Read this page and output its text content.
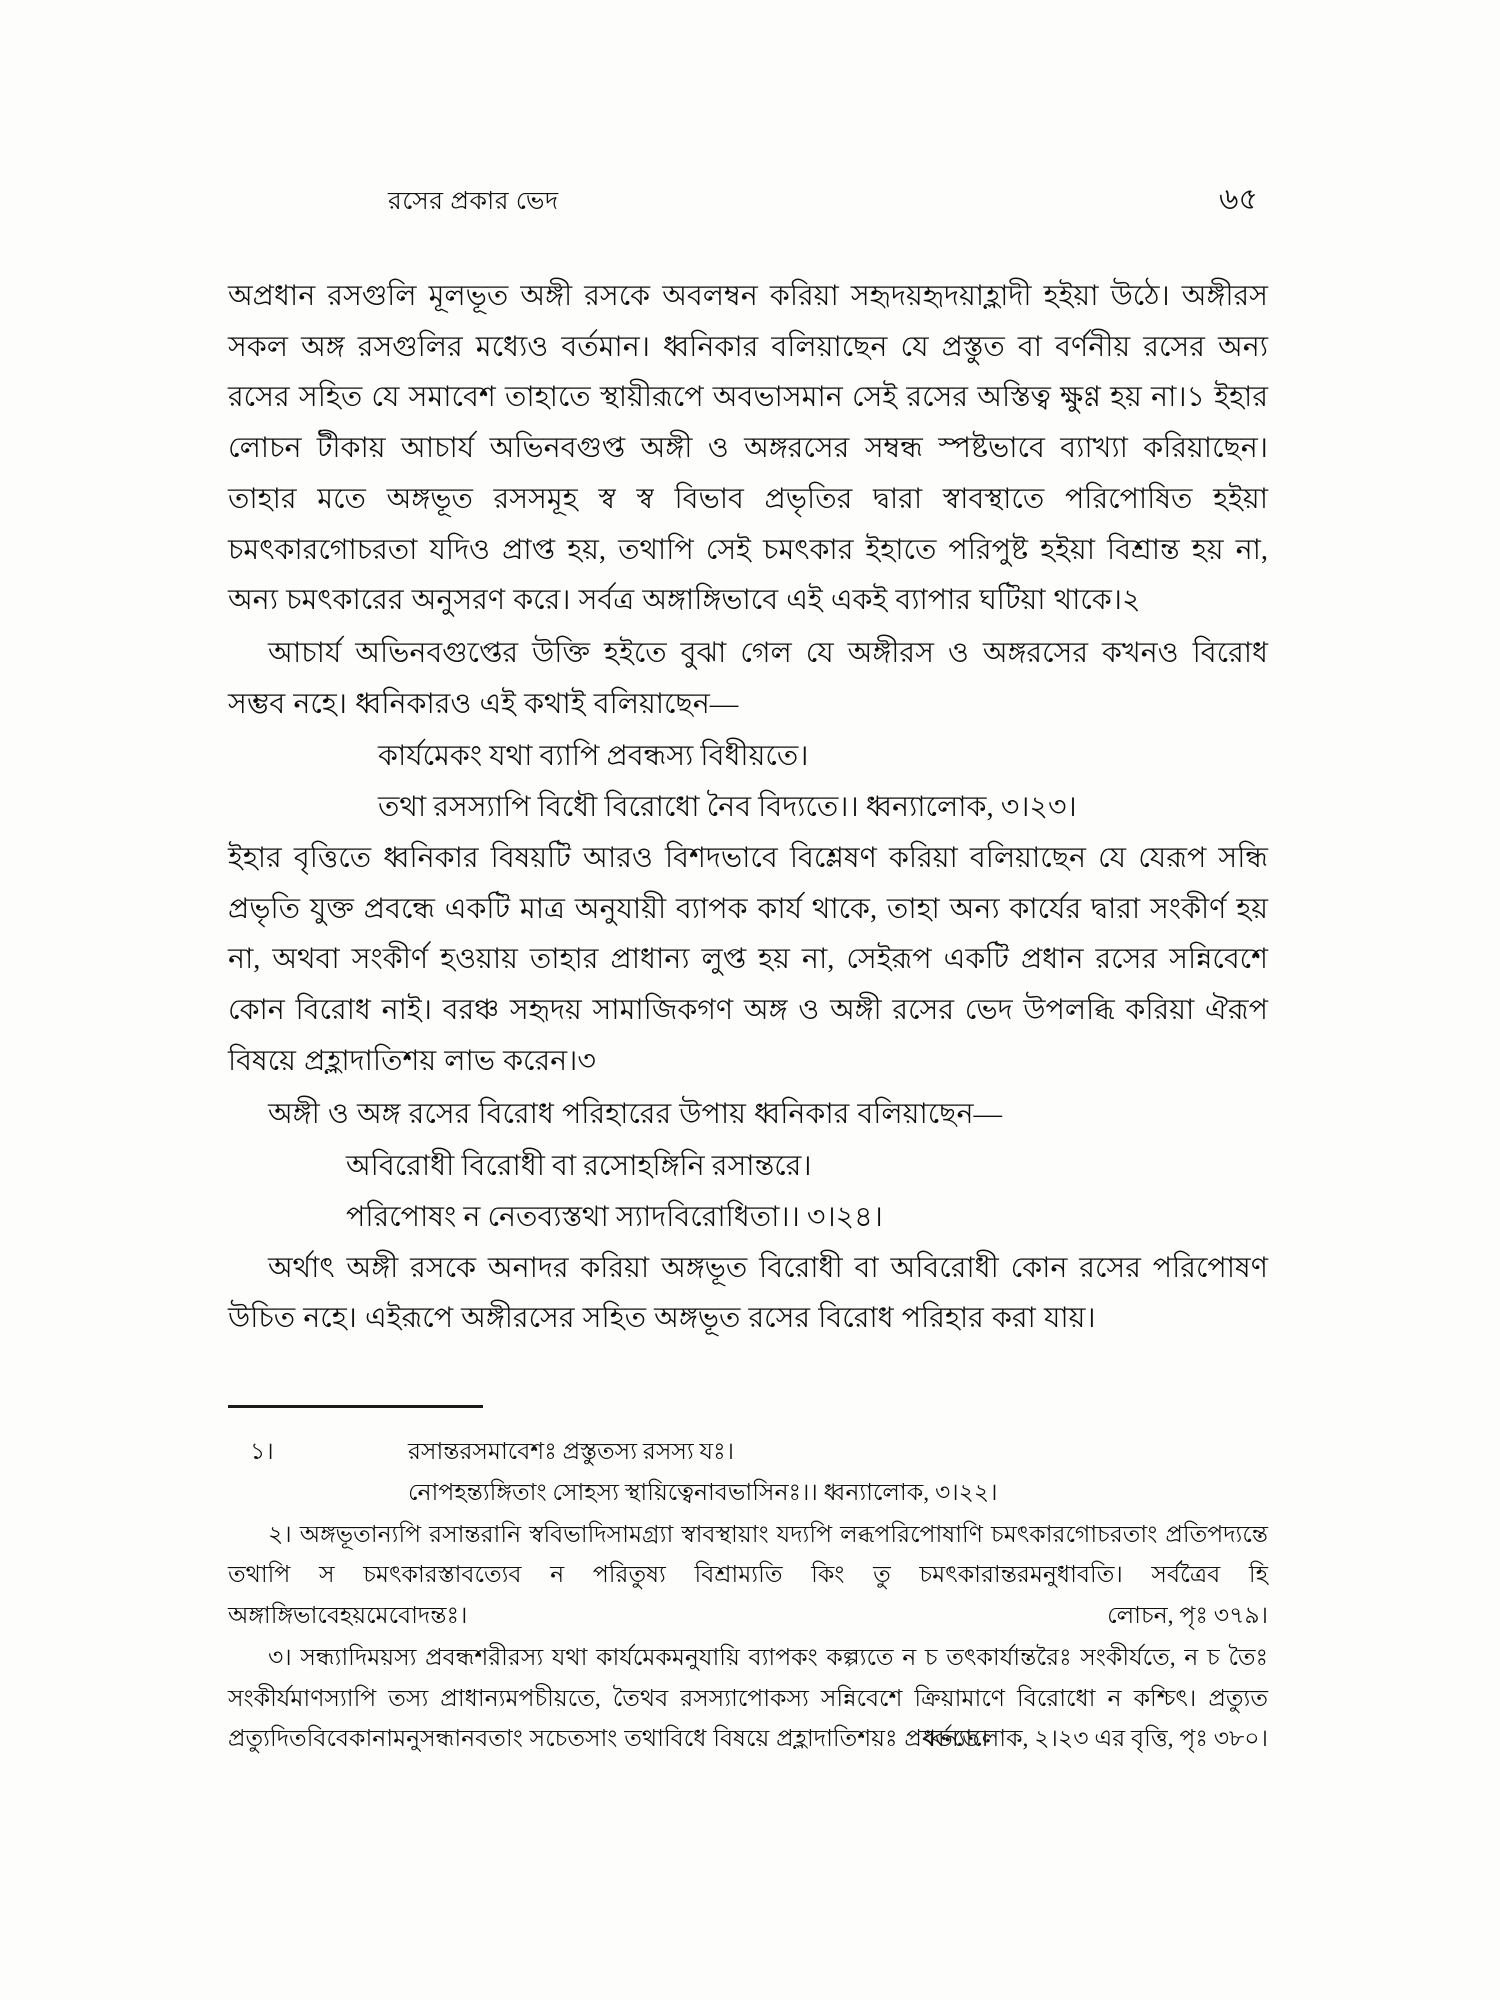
রসের প্রকার ভেদ	৬৫

অপ্রধান রসগুলি মূলভূত অঙ্গী রসকে অবলম্বন করিয়া সহৃদয়হৃদয়াহ্লাদী হইয়া উঠে। অঙ্গীরস সকল অঙ্গ রসগুলির মধ্যেও বর্তমান। ধ্বনিকার বলিয়াছেন যে প্রস্তুত বা বর্ণনীয় রসের অন্য রসের সহিত যে সমাবেশ তাহাতে স্থায়ীরূপে অবভাসমান সেই রসের অস্তিত্ব ক্ষুণ্ণ হয় না।১ ইহার লোচন টীকায় আচার্য অভিনবগুপ্ত অঙ্গী ও অঙ্গরসের সম্বন্ধ স্পষ্টভাবে ব্যাখ্যা করিয়াছেন। তাহার মতে অঙ্গভূত রসসমূহ স্ব স্ব বিভাব প্রভৃতির দ্বারা স্বাবস্থাতে পরিপোষিত হইয়া চমৎকারগোচরতা যদিও প্রাপ্ত হয়, তথাপি সেই চমৎকার ইহাতে পরিপুষ্ট হইয়া বিশ্রান্ত হয় না, অন্য চমৎকারের অনুসরণ করে। সর্বত্র অঙ্গাঙ্গিভাবে এই একই ব্যাপার ঘটিয়া থাকে।২

আচার্য অভিনবগুপ্তের উক্তি হইতে বুঝা গেল যে অঙ্গীরস ও অঙ্গরসের কখনও বিরোধ সম্ভব নহে। ধ্বনিকারও এই কথাই বলিয়াছেন—

কার্যমেকং যথা ব্যাপি প্রবন্ধস্য বিধীয়তে।

তথা রসস্যাপি বিধৌ বিরোধো নৈব বিদ্যতে।। ধ্বন্যালোক, ৩।২৩।

ইহার বৃত্তিতে ধ্বনিকার বিষয়টি আরও বিশদভাবে বিশ্লেষণ করিয়া বলিয়াছেন যে যেরূপ সন্ধি প্রভৃতি যুক্ত প্রবন্ধে একটি মাত্র অনুযায়ী ব্যাপক কার্য থাকে, তাহা অন্য কার্যের দ্বারা সংকীর্ণ হয় না, অথবা সংকীর্ণ হওয়ায় তাহার প্রাধান্য লুপ্ত হয় না, সেইরূপ একটি প্রধান রসের সন্নিবেশে কোন বিরোধ নাই। বরঞ্চ সহৃদয় সামাজিকগণ অঙ্গ ও অঙ্গী রসের ভেদ উপলব্ধি করিয়া ঐরূপ বিষয়ে প্রহ্লাদাতিশয় লাভ করেন।৩

অঙ্গী ও অঙ্গ রসের বিরোধ পরিহারের উপায় ধ্বনিকার বলিয়াছেন—

অবিরোধী বিরোধী বা রসোহঙ্গিনি রসান্তরে।

পরিপোষং ন নেতব্যস্তথা স্যাদবিরোধিতা।। ৩।২৪।

অর্থাৎ অঙ্গী রসকে অনাদর করিয়া অঙ্গভূত বিরোধী বা অবিরোধী কোন রসের পরিপোষণ উচিত নহে। এইরূপে অঙ্গীরসের সহিত অঙ্গভূত রসের বিরোধ পরিহার করা যায়।

১।	রসান্তরসমাবেশঃ প্রস্তুতস্য রসস্য যঃ।
নোপহন্ত্যঙ্গিতাং সোহস্য স্থায়িত্বেনাবভাসিনঃ।। ধ্বন্যালোক, ৩।২২।

২। অঙ্গভূতান্যপি রসান্তরানি স্ববিভাদিসামগ্র্যা স্বাবস্থায়াং যদ্যপি লব্ধপরিপোষাণি চমৎকারগোচরতাং প্রতিপদ্যন্তে তথাপি স চমৎকারস্তাবত্যেব ন পরিতুষ্য বিশ্রাম্যতি কিং তু চমৎকারান্তরমনুধাবতি। সর্বত্রৈব হি অঙ্গাঙ্গিভাবেহয়মেবোদন্তঃ।	লোচন, পৃঃ ৩৭৯।

৩। সন্ধ্যাদিময়স্য প্রবন্ধশরীরস্য যথা কার্যমেকমনুযায়ি ব্যাপকং কল্প্যতে ন চ তৎকার্যান্তরৈঃ সংকীর্যতে, ন চ তৈঃ সংকীর্যমাণস্যাপি তস্য প্রাধান্যমপচীয়তে, তৈথব রসস্যাপোকস্য সন্নিবেশে ক্রিয়ামাণে বিরোধো ন কশ্চিৎ। প্রত্যুত প্রত্যুদিতবিবেকানামনুসন্ধানবতাং সচেতসাং তথাবিধে বিষয়ে প্রহ্লাদাতিশয়ঃ প্রবর্ততে।

ধ্বন্যালোক, ২।২৩ এর বৃত্তি, পৃঃ ৩৮০।
